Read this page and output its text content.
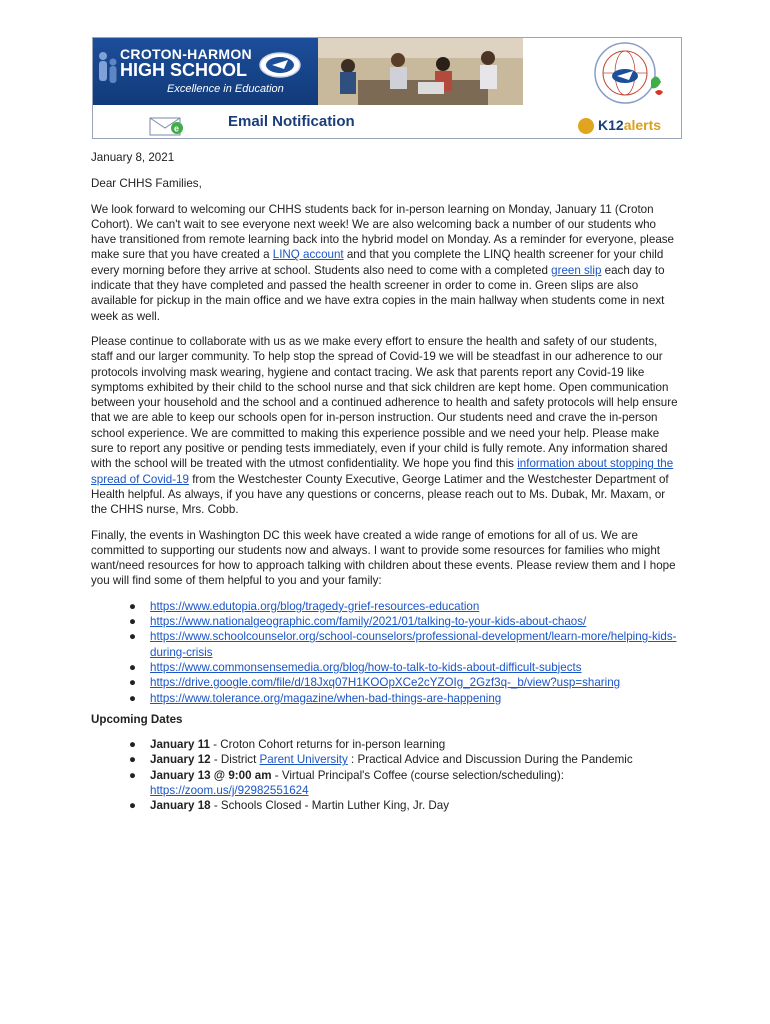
CROTON-HARMON
HIGH SCHOOL
Excellence in Education
e	Email Notification	K12alerts

January 8, 2021

Dear CHHS Families,

We look forward to welcoming our CHHS students back for in-person learning on Monday, January 11 (Croton Cohort). We can't wait to see everyone next week! We are also welcoming back a number of our students who have transitioned from remote learning back into the hybrid model on Monday. As a reminder for everyone, please make sure that you have created a LINQ account and that you complete the LINQ health screener for your child every morning before they arrive at school. Students also need to come with a completed green slip each day to indicate that they have completed and passed the health screener in order to come in. Green slips are also available for pickup in the main office and we have extra copies in the main hallway when students come in next week as well.

Please continue to collaborate with us as we make every effort to ensure the health and safety of our students, staff and our larger community. To help stop the spread of Covid-19 we will be steadfast in our adherence to our protocols involving mask wearing, hygiene and contact tracing. We ask that parents report any Covid-19 like symptoms exhibited by their child to the school nurse and that sick children are kept home. Open communication between your household and the school and a continued adherence to health and safety protocols will help ensure that we are able to keep our schools open for in-person instruction. Our students need and crave the in-person school experience. We are committed to making this experience possible and we need your help. Please make sure to report any positive or pending tests immediately, even if your child is fully remote. Any information shared with the school will be treated with the utmost confidentiality. We hope you find this information about stopping the spread of Covid-19 from the Westchester County Executive, George Latimer and the Westchester Department of Health helpful. As always, if you have any questions or concerns, please reach out to Ms. Dubak, Mr. Maxam, or the CHHS nurse, Mrs. Cobb.

Finally, the events in Washington DC this week have created a wide range of emotions for all of us. We are committed to supporting our students now and always. I want to provide some resources for families who might want/need resources for how to approach talking with children about these events. Please review them and I hope you will find some of them helpful to you and your family:

● https://www.edutopia.org/blog/tragedy-grief-resources-education
● https://www.nationalgeographic.com/family/2021/01/talking-to-your-kids-about-chaos/
● https://www.schoolcounselor.org/school-counselors/professional-development/learn-more/helping-kids-during-crisis
● https://www.commonsensemedia.org/blog/how-to-talk-to-kids-about-difficult-subjects
● https://drive.google.com/file/d/18Jxq07H1KOOpXCe2cYZOIg_2Gzf3q-_b/view?usp=sharing
● https://www.tolerance.org/magazine/when-bad-things-are-happening

Upcoming Dates

● January 11 - Croton Cohort returns for in-person learning
● January 12 - District Parent University : Practical Advice and Discussion During the Pandemic
● January 13 @ 9:00 am - Virtual Principal's Coffee (course selection/scheduling): https://zoom.us/j/92982551624
● January 18 - Schools Closed - Martin Luther King, Jr. Day
